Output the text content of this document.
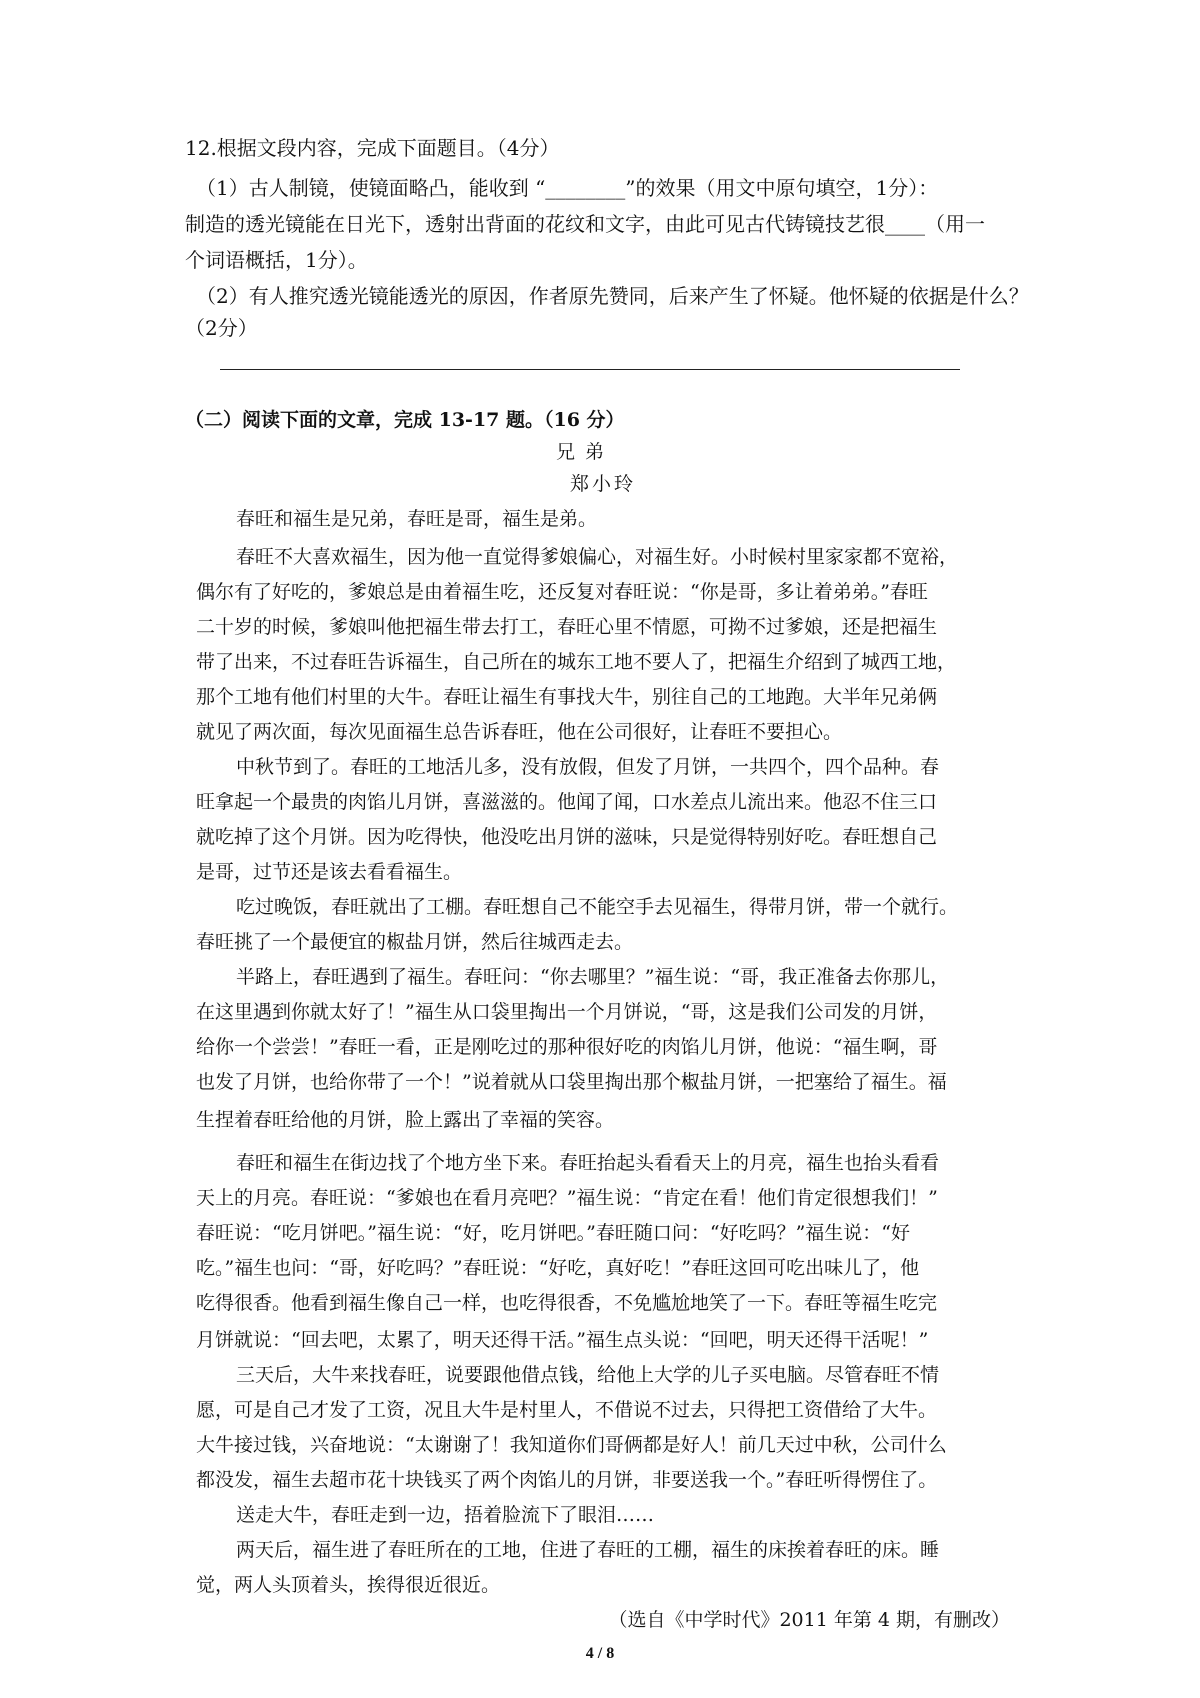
12.根据文段内容，完成下面题目。（4分）
（1）古人制镜，使镜面略凸，能收到 “________”的效果（用文中原句填空，1分）：
制造的透光镜能在日光下，透射出背面的花纹和文字，由此可见古代铸镜技艺很____（用一
个词语概括，1分）。
（2）有人推究透光镜能透光的原因，作者原先赞同，后来产生了怀疑。他怀疑的依据是什么？
（2分）
（二）阅读下面的文章，完成 13-17 题。（16 分）
兄 弟
郑小玲
春旺和福生是兄弟，春旺是哥，福生是弟。
春旺不大喜欢福生，因为他一直觉得爹娘偏心，对福生好。小时候村里家家都不宽裕，
偶尔有了好吃的，爹娘总是由着福生吃，还反复对春旺说：“你是哥，多让着弟弟。”春旺
二十岁的时候，爹娘叫他把福生带去打工，春旺心里不情愿，可拗不过爹娘，还是把福生
带了出来，不过春旺告诉福生，自己所在的城东工地不要人了，把福生介绍到了城西工地，
那个工地有他们村里的大牛。春旺让福生有事找大牛，别往自己的工地跑。大半年兄弟俩
就见了两次面，每次见面福生总告诉春旺，他在公司很好，让春旺不要担心。
中秋节到了。春旺的工地活儿多，没有放假，但发了月饼，一共四个，四个品种。春
旺拿起一个最贵的肉馅儿月饼，喜滋滋的。他闻了闻，口水差点儿流出来。他忍不住三口
就吃掉了这个月饼。因为吃得快，他没吃出月饼的滋味，只是觉得特别好吃。春旺想自己
是哥，过节还是该去看看福生。
吃过晚饭，春旺就出了工棚。春旺想自己不能空手去见福生，得带月饼，带一个就行。
春旺挑了一个最便宜的椒盐月饼，然后往城西走去。
半路上，春旺遇到了福生。春旺问：“你去哪里？”福生说：“哥，我正准备去你那儿，
在这里遇到你就太好了！”福生从口袋里掏出一个月饼说，“哥，这是我们公司发的月饼，
给你一个尝尝！”春旺一看，正是刚吃过的那种很好吃的肉馅儿月饼，他说：“福生啊，哥
也发了月饼，也给你带了一个！”说着就从口袋里掏出那个椒盐月饼，一把塞给了福生。福
生捏着春旺给他的月饼，脸上露出了幸福的笑容。
春旺和福生在街边找了个地方坐下来。春旺抬起头看看天上的月亮，福生也抬头看看
天上的月亮。春旺说：“爹娘也在看月亮吧？”福生说：“肯定在看！他们肯定很想我们！”
春旺说：“吃月饼吧。”福生说：“好，吃月饼吧。”春旺随口问：“好吃吗？”福生说：“好
吃。”福生也问：“哥，好吃吗？”春旺说：“好吃，真好吃！”春旺这回可吃出味儿了，他
吃得很香。他看到福生像自己一样，也吃得很香，不免尴尬地笑了一下。春旺等福生吃完
月饼就说：“回去吧，太累了，明天还得干活。”福生点头说：“回吧，明天还得干活呢！”
三天后，大牛来找春旺，说要跟他借点钱，给他上大学的儿子买电脑。尽管春旺不情
愿，可是自己才发了工资，况且大牛是村里人，不借说不过去，只得把工资借给了大牛。
大牛接过钱，兴奋地说：“太谢谢了！我知道你们哥俩都是好人！前几天过中秋，公司什么
都没发，福生去超市花十块钱买了两个肉馅儿的月饼，非要送我一个。”春旺听得愣住了。
送走大牛，春旺走到一边，捂着脸流下了眼泪……
两天后，福生进了春旺所在的工地，住进了春旺的工棚，福生的床挨着春旺的床。睡
觉，两人头顶着头，挨得很近很近。
（选自《中学时代》2011 年第 4 期，有删改）
4 / 8
